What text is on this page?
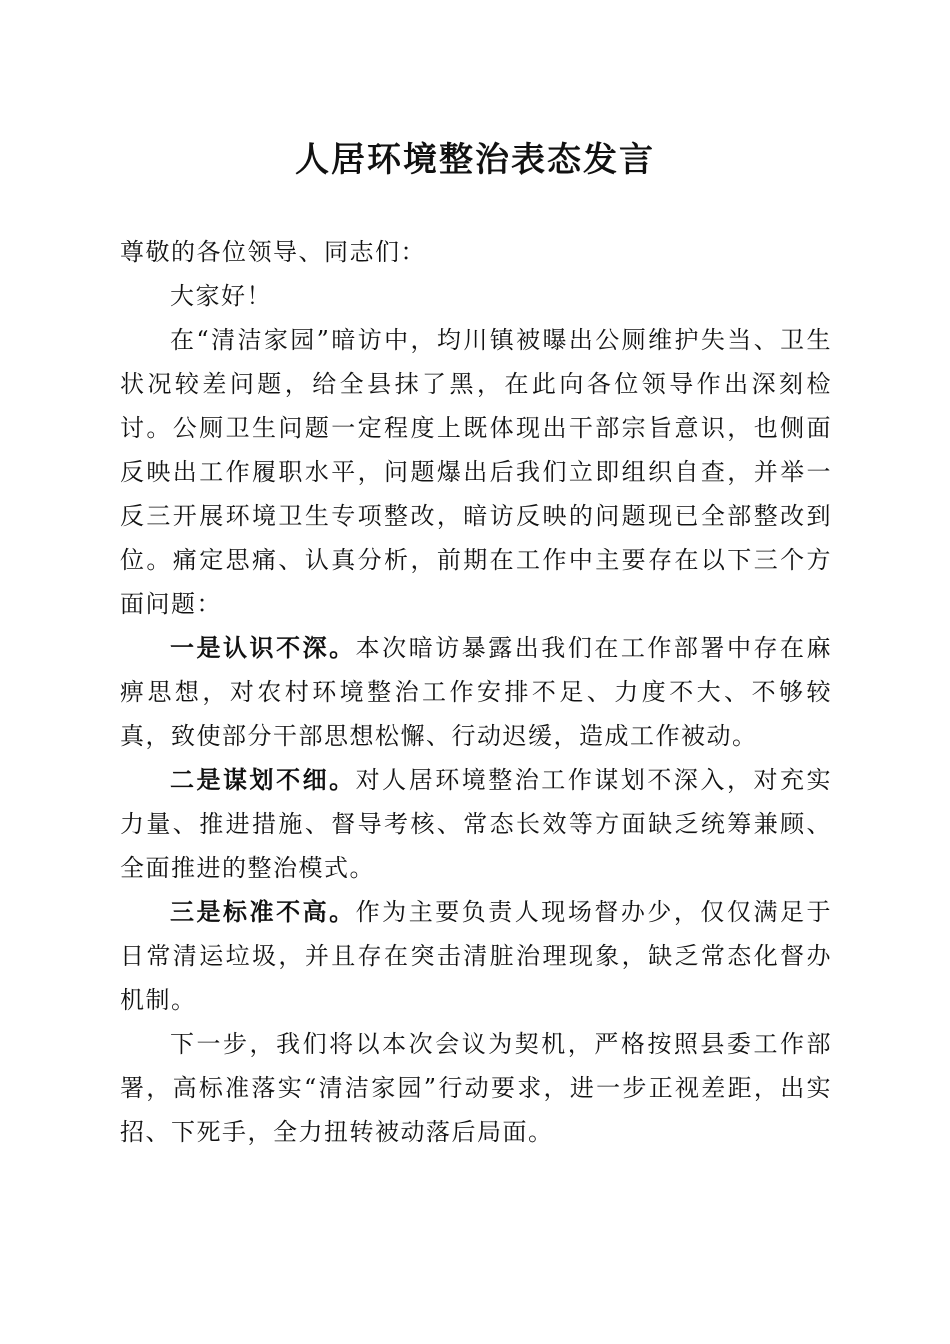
人居环境整治表态发言

尊敬的各位领导、同志们：

大家好！

在“清洁家园”暗访中，均川镇被曝出公厕维护失当、卫生状况较差问题，给全县抹了黑，在此向各位领导作出深刻检讨。公厕卫生问题一定程度上既体现出干部宗旨意识，也侧面反映出工作履职水平，问题爆出后我们立即组织自查，并举一反三开展环境卫生专项整改，暗访反映的问题现已全部整改到位。痛定思痛、认真分析，前期在工作中主要存在以下三个方面问题：

一是认识不深。本次暗访暴露出我们在工作部署中存在麻痹思想，对农村环境整治工作安排不足、力度不大、不够较真，致使部分干部思想松懈、行动迟缓，造成工作被动。

二是谋划不细。对人居环境整治工作谋划不深入，对充实力量、推进措施、督导考核、常态长效等方面缺乏统筹兼顾、全面推进的整治模式。

三是标准不高。作为主要负责人现场督办少，仅仅满足于日常清运垃圾，并且存在突击清脏治理现象，缺乏常态化督办机制。

下一步，我们将以本次会议为契机，严格按照县委工作部署，高标准落实“清洁家园”行动要求，进一步正视差距，出实招、下死手，全力扭转被动落后局面。
